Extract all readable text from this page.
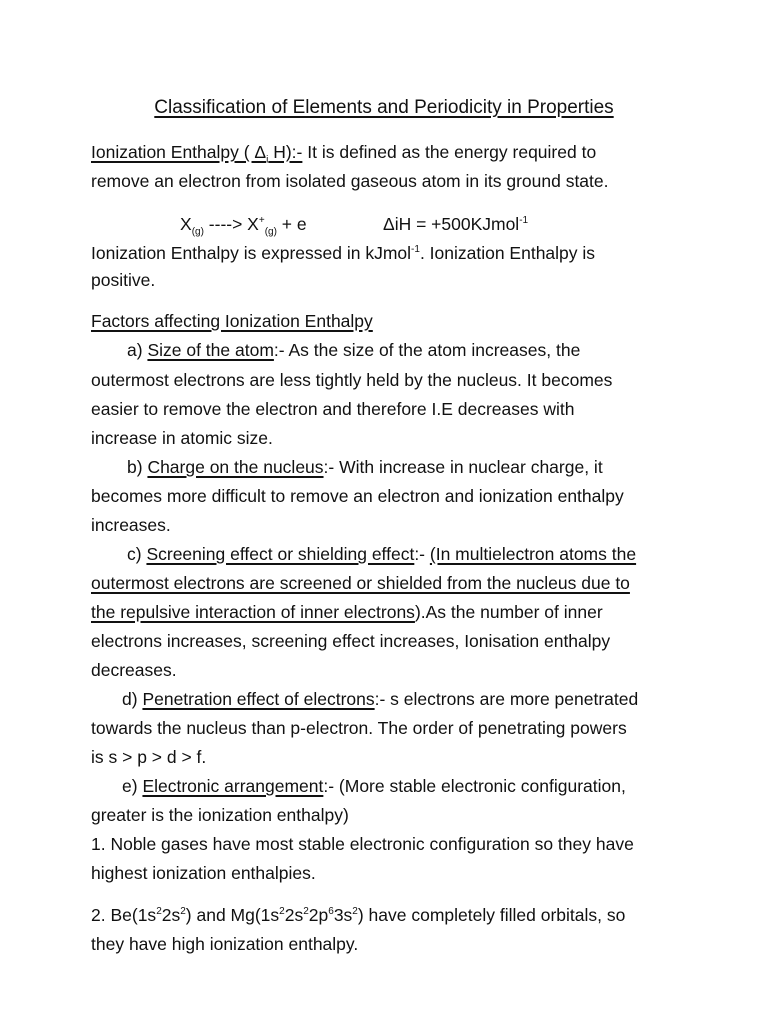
Classification of Elements and Periodicity in Properties
Ionization Enthalpy ( $\Delta_i$ H):- It is defined as the energy required to
remove an electron from isolated gaseous atom in its ground state.
$X_{(g)}$ ----> $X^+_{(g)} + e$	ΔiH = +500KJmol$^{-1}$
Ionization Enthalpy is expressed in kJmol$^{-1}$. Ionization Enthalpy is
positive.
Factors affecting Ionization Enthalpy
a) Size of the atom:- As the size of the atom increases, the
outermost electrons are less tightly held by the nucleus. It becomes
easier to remove the electron and therefore I.E decreases with
increase in atomic size.
b) Charge on the nucleus:- With increase in nuclear charge, it
becomes more difficult to remove an electron and ionization enthalpy
increases.
c) Screening effect or shielding effect:- (In multielectron atoms the
outermost electrons are screened or shielded from the nucleus due to
the repulsive interaction of inner electrons).As the number of inner
electrons increases, screening effect increases, Ionisation enthalpy
decreases.
d) Penetration effect of electrons:- s electrons are more penetrated
towards the nucleus than p-electron. The order of penetrating powers
is s > p > d > f.
e) Electronic arrangement:- (More stable electronic configuration,
greater is the ionization enthalpy)
1. Noble gases have most stable electronic configuration so they have
highest ionization enthalpies.
2. $Be(1s^22s^2)$ and $Mg(1s^22s^22p^63s^2)$ have completely filled orbitals, so
they have high ionization enthalpy.
